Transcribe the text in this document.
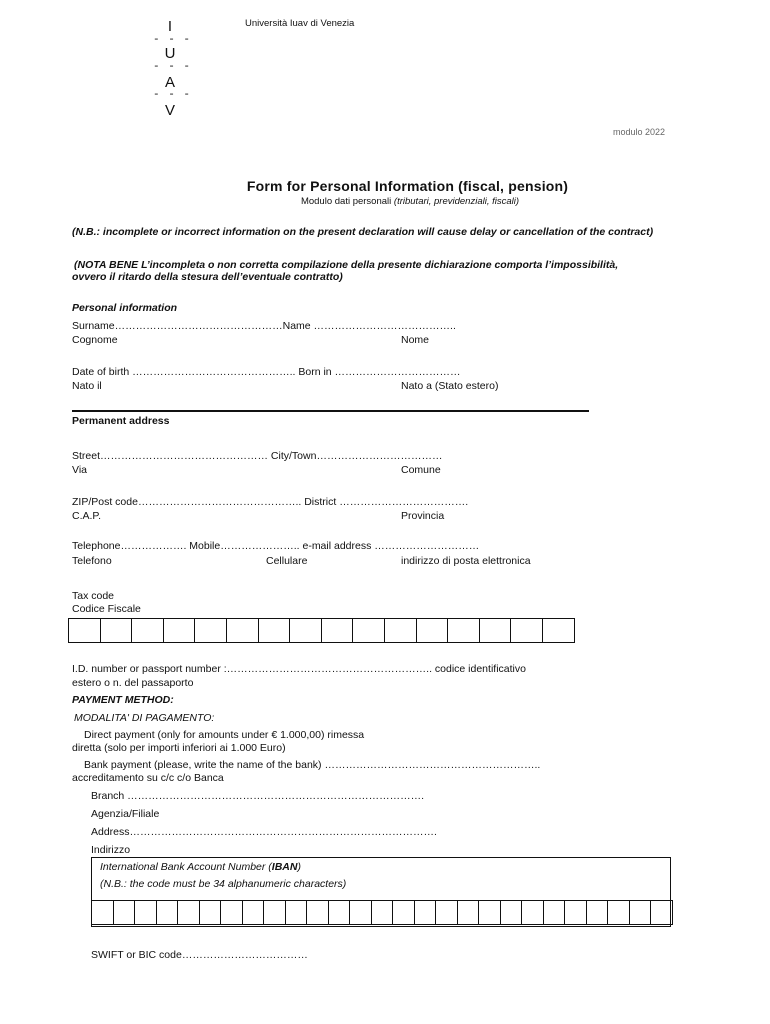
I
- - -
U
- - -
A
- - -
V
Università Iuav di Venezia
modulo 2022
Form for Personal Information (fiscal, pension)
Modulo dati personali (tributari, previdenziali, fiscali)
(N.B.: incomplete or incorrect information on the present declaration will cause delay or cancellation of the contract)
(NOTA BENE L’incompleta o non corretta compilazione della presente dichiarazione comporta l’impossibilità,
ovvero il ritardo della stesura dell’eventuale contratto)
Personal information
Surname…………………………………………Name …………………………………..
Cognome	Nome
Date of birth ……………………………………….. Born in ………………………………
Nato il	Nato a (Stato estero)
Permanent address
Street………………………………………… City/Town………………………………
Via	Comune
ZIP/Post code……………………………………….. District ……………………………….
C.A.P.	Provincia
Telephone………………. Mobile………………….. e-mail address …………………………
Telefono	Cellulare	indirizzo di posta elettronica
Tax code
Codice Fiscale
I.D. number or passport number :………………………………………………….. codice identificativo
estero o n. del passaporto
PAYMENT METHOD:
MODALITA' DI PAGAMENTO:
Direct payment (only for amounts under € 1.000,00) rimessa
diretta (solo per importi inferiori ai 1.000 Euro)
Bank payment (please, write the name of the bank) ……………………………………………………..
accreditamento su c/c c/o Banca
Branch ………………………………………………………………………….
Agenzia/Filiale
Address…………………………………………………………………………….
Indirizzo
International Bank Account Number (IBAN)
(N.B.: the code must be 34 alphanumeric characters)
SWIFT or BIC code………………………………
